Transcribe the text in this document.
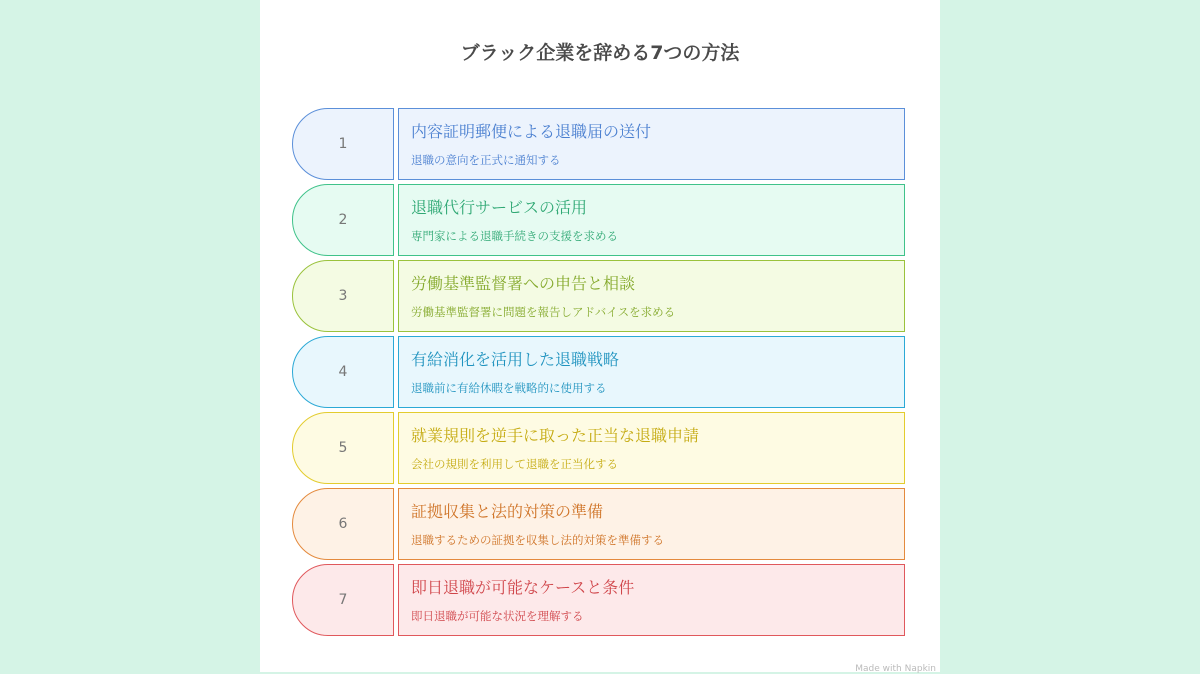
ブラック企業を辞める7つの方法
1
内容証明郵便による退職届の送付
退職の意向を正式に通知する
2
退職代行サービスの活用
専門家による退職手続きの支援を求める
3
労働基準監督署への申告と相談
労働基準監督署に問題を報告しアドバイスを求める
4
有給消化を活用した退職戦略
退職前に有給休暇を戦略的に使用する
5
就業規則を逆手に取った正当な退職申請
会社の規則を利用して退職を正当化する
6
証拠収集と法的対策の準備
退職するための証拠を収集し法的対策を準備する
7
即日退職が可能なケースと条件
即日退職が可能な状況を理解する
Made with Napkin
